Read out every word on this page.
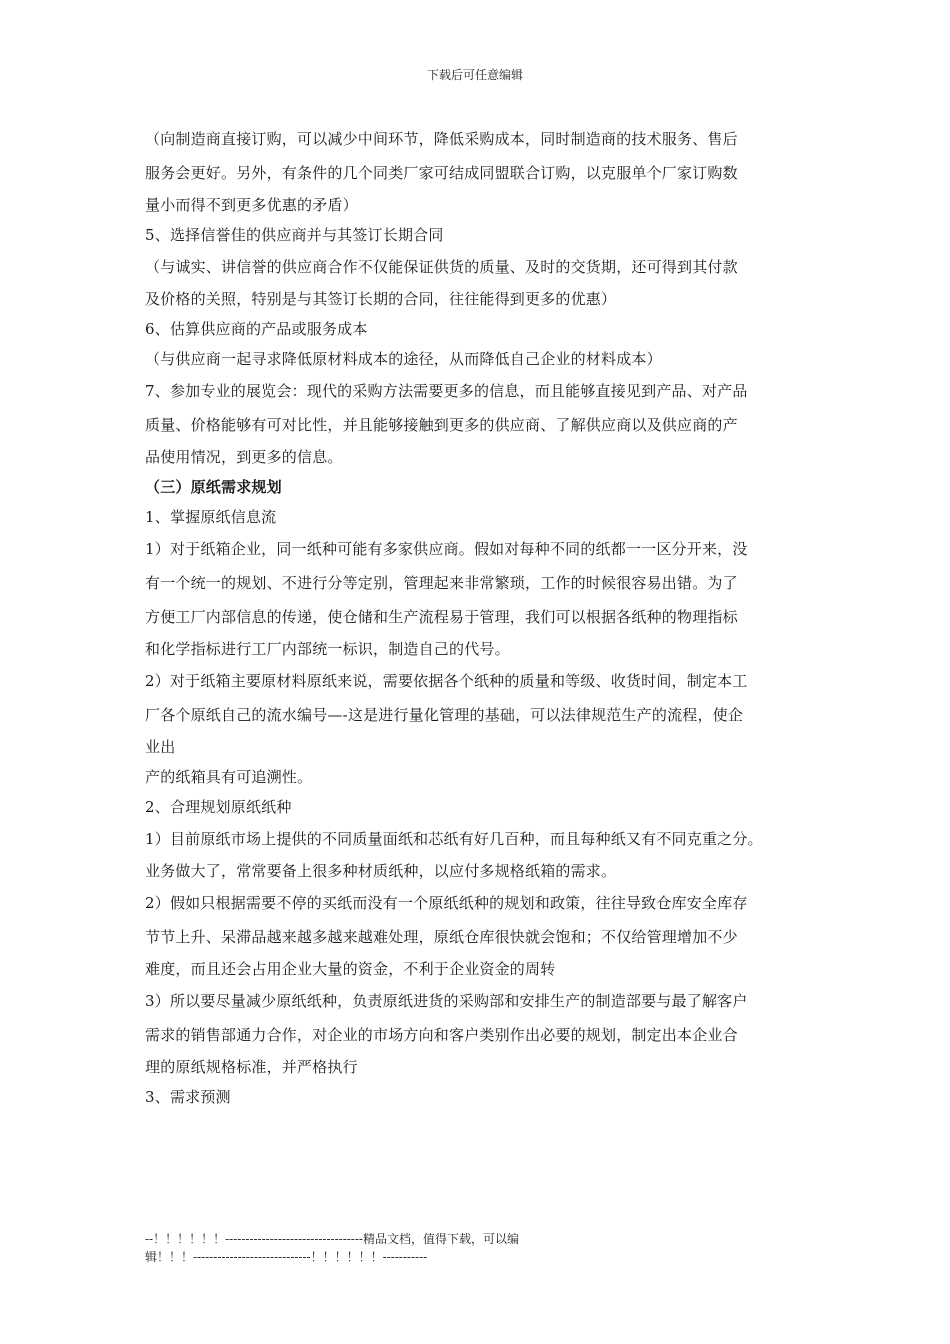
下载后可任意编辑
（向制造商直接订购，可以减少中间环节，降低采购成本，同时制造商的技术服务、售后
服务会更好。另外，有条件的几个同类厂家可结成同盟联合订购，以克服单个厂家订购数
量小而得不到更多优惠的矛盾）
5、选择信誉佳的供应商并与其签订长期合同
（与诚实、讲信誉的供应商合作不仅能保证供货的质量、及时的交货期，还可得到其付款
及价格的关照，特别是与其签订长期的合同，往往能得到更多的优惠）
6、估算供应商的产品或服务成本
（与供应商一起寻求降低原材料成本的途径，从而降低自己企业的材料成本）
7、参加专业的展览会：现代的采购方法需要更多的信息，而且能够直接见到产品、对产品
质量、价格能够有可对比性，并且能够接触到更多的供应商、了解供应商以及供应商的产
品使用情况，到更多的信息。
（三）原纸需求规划
1、掌握原纸信息流
1）对于纸箱企业，同一纸种可能有多家供应商。假如对每种不同的纸都一一区分开来，没
有一个统一的规划、不进行分等定别，管理起来非常繁琐，工作的时候很容易出错。为了
方便工厂内部信息的传递，使仓储和生产流程易于管理，我们可以根据各纸种的物理指标
和化学指标进行工厂内部统一标识，制造自己的代号。
2）对于纸箱主要原材料原纸来说，需要依据各个纸种的质量和等级、收货时间，制定本工
厂各个原纸自己的流水编号—-这是进行量化管理的基础，可以法律规范生产的流程，使企
业出
产的纸箱具有可追溯性。
2、合理规划原纸纸种
1）目前原纸市场上提供的不同质量面纸和芯纸有好几百种，而且每种纸又有不同克重之分。
业务做大了，常常要备上很多种材质纸种，以应付多规格纸箱的需求。
2）假如只根据需要不停的买纸而没有一个原纸纸种的规划和政策，往往导致仓库安全库存
节节上升、呆滞品越来越多越来越难处理，原纸仓库很快就会饱和；不仅给管理增加不少
难度，而且还会占用企业大量的资金，不利于企业资金的周转
3）所以要尽量减少原纸纸种，负责原纸进货的采购部和安排生产的制造部要与最了解客户
需求的销售部通力合作，对企业的市场方向和客户类别作出必要的规划，制定出本企业合
理的原纸规格标准，并严格执行
3、需求预测
--！！！！！！----------------------------------精品文档，值得下载，可以编
辑！！！-----------------------------！！！！！！-----------
